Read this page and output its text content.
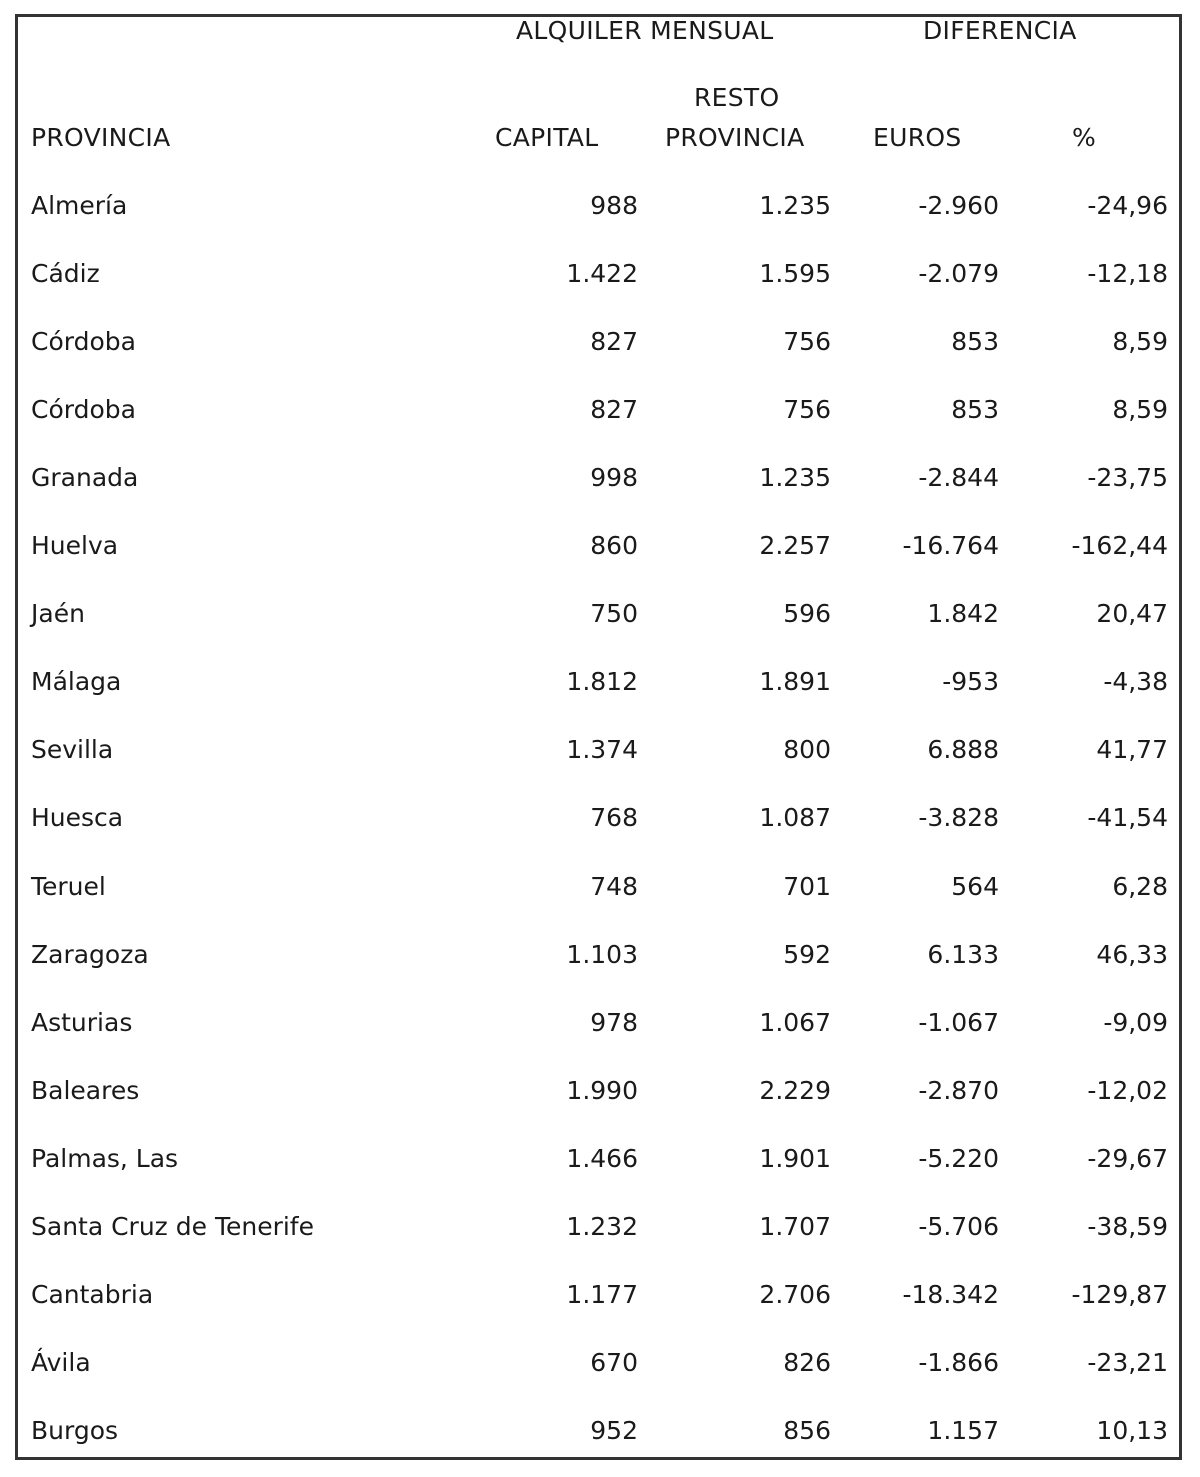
ALQUILER MENSUAL	DIFERENCIA
RESTO
PROVINCIA	CAPITAL	PROVINCIA	EUROS	%
Almería	988	1.235	-2.960	-24,96
Cádiz	1.422	1.595	-2.079	-12,18
Córdoba	827	756	853	8,59
Córdoba	827	756	853	8,59
Granada	998	1.235	-2.844	-23,75
Huelva	860	2.257	-16.764	-162,44
Jaén	750	596	1.842	20,47
Málaga	1.812	1.891	-953	-4,38
Sevilla	1.374	800	6.888	41,77
Huesca	768	1.087	-3.828	-41,54
Teruel	748	701	564	6,28
Zaragoza	1.103	592	6.133	46,33
Asturias	978	1.067	-1.067	-9,09
Baleares	1.990	2.229	-2.870	-12,02
Palmas, Las	1.466	1.901	-5.220	-29,67
Santa Cruz de Tenerife	1.232	1.707	-5.706	-38,59
Cantabria	1.177	2.706	-18.342	-129,87
Ávila	670	826	-1.866	-23,21
Burgos	952	856	1.157	10,13
